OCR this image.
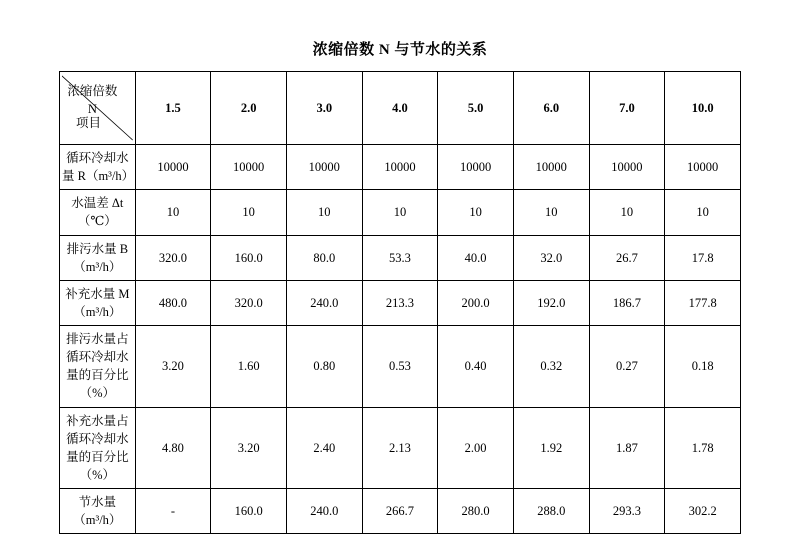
浓缩倍数 N 与节水的关系
浓缩倍数 N
项目	1.5	2.0	3.0	4.0	5.0	6.0	7.0	10.0
循环冷却水量 R（m³/h）	10000	10000	10000	10000	10000	10000	10000	10000
水温差 Δt（℃）	10	10	10	10	10	10	10	10
排污水量 B（m³/h）	320.0	160.0	80.0	53.3	40.0	32.0	26.7	17.8
补充水量 M（m³/h）	480.0	320.0	240.0	213.3	200.0	192.0	186.7	177.8
排污水量占循环冷却水量的百分比（%）	3.20	1.60	0.80	0.53	0.40	0.32	0.27	0.18
补充水量占循环冷却水量的百分比（%）	4.80	3.20	2.40	2.13	2.00	1.92	1.87	1.78
节水量（m³/h）	-	160.0	240.0	266.7	280.0	288.0	293.3	302.2
